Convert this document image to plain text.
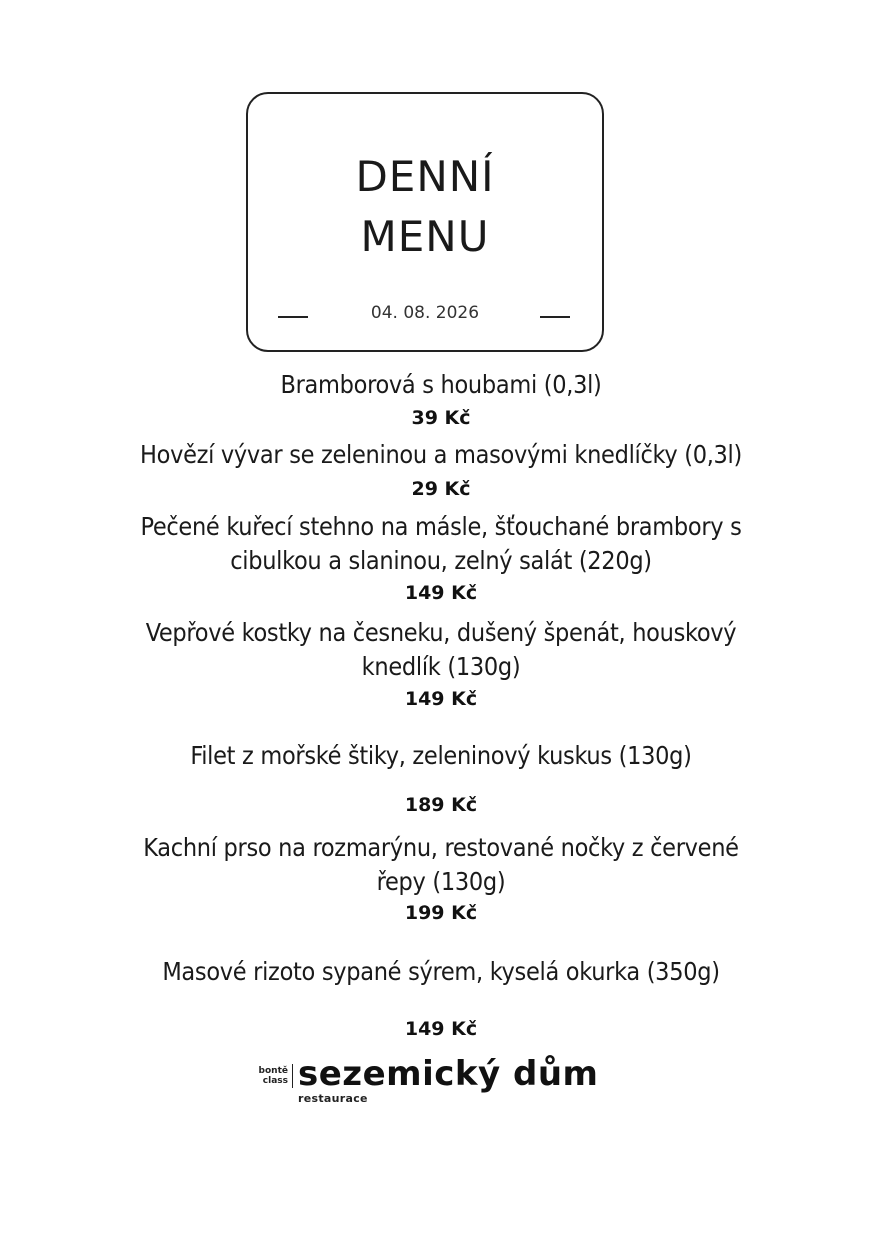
DENNÍ
MENU
04. 08. 2026
Bramborová s houbami (0,3l)
39 Kč
Hovězí vývar se zeleninou a masovými knedlíčky (0,3l)
29 Kč
Pečené kuřecí stehno na másle, šťouchané brambory s
cibulkou a slaninou, zelný salát (220g)
149 Kč
Vepřové kostky na česneku, dušený špenát, houskový
knedlík (130g)
149 Kč
Filet z mořské štiky, zeleninový kuskus (130g)
189 Kč
Kachní prso na rozmarýnu, restované nočky z červené
řepy (130g)
199 Kč
Masové rizoto sypané sýrem, kyselá okurka (350g)
149 Kč
bontě
class sezemický dům
restaurace
